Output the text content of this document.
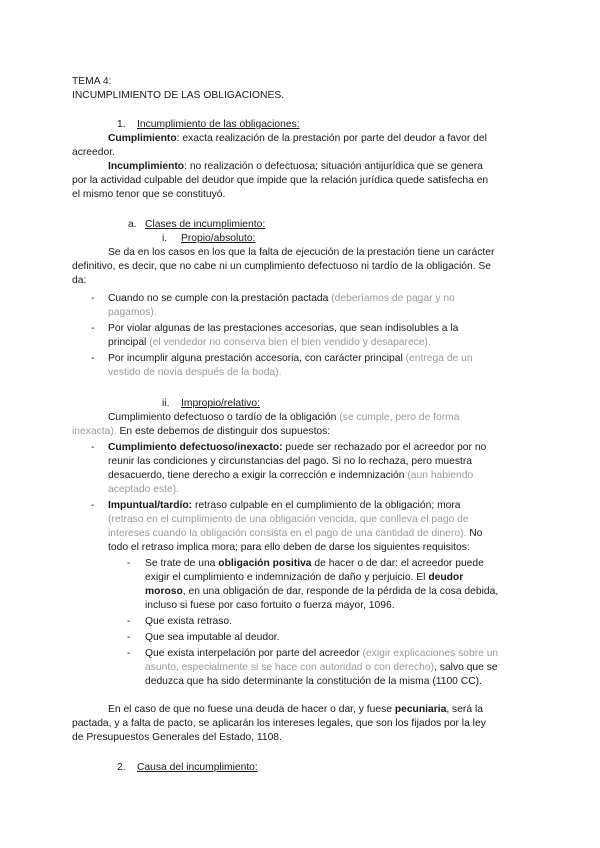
TEMA 4:
INCUMPLIMIENTO DE LAS OBLIGACIONES.
1. Incumplimiento de las obligaciones:
Cumplimiento: exacta realización de la prestación por parte del deudor a favor del
acreedor.
Incumplimiento: no realización o defectuosa; situación antijurídica que se genera
por la actividad culpable del deudor que impide que la relación jurídica quede satisfecha en
el mismo tenor que se constituyó.
a. Clases de incumplimiento:
i. Propio/absoluto:
Se da en los casos en los que la falta de ejecución de la prestación tiene un carácter
definitivo, es decir, que no cabe ni un cumplimiento defectuoso ni tardío de la obligación. Se
da:
- Cuando no se cumple con la prestación pactada (deberíamos de pagar y no
pagamos).
- Por violar algunas de las prestaciones accesorias, que sean indisolubles a la
principal (el vendedor no conserva bien el bien vendido y desaparece).
- Por incumplir alguna prestación accesoria, con carácter principal (entrega de un
vestido de novia después de la boda).
ii. Impropio/relativo:
Cumplimiento defectuoso o tardío de la obligación (se cumple, pero de forma
inexacta). En este debemos de distinguir dos supuestos:
- Cumplimiento defectuoso/inexacto: puede ser rechazado por el acreedor por no
reunir las condiciones y circunstancias del pago. Si no lo rechaza, pero muestra
desacuerdo, tiene derecho a exigir la corrección e indemnización (aun habiendo
aceptado este).
- Impuntual/tardío: retraso culpable en el cumplimiento de la obligación; mora
(retraso en el cumplimiento de una obligación vencida, que conlleva el pago de
intereses cuando la obligación consista en el pago de una cantidad de dinero). No
todo el retraso implica mora; para ello deben de darse los siguientes requisitos:
- Se trate de una obligación positiva de hacer o de dar: el acreedor puede
exigir el cumplimiento e indemnización de daño y perjuicio. El deudor
moroso, en una obligación de dar, responde de la pérdida de la cosa debida,
incluso si fuese por caso fortuito o fuerza mayor, 1096.
- Que exista retraso.
- Que sea imputable al deudor.
- Que exista interpelación por parte del acreedor (exigir explicaciones sobre un
asunto, especialmente si se hace con autoridad o con derecho), salvo que se
deduzca que ha sido determinante la constitución de la misma (1100 CC).
En el caso de que no fuese una deuda de hacer o dar, y fuese pecuniaria, será la
pactada, y a falta de pacto, se aplicarán los intereses legales, que son los fijados por la ley
de Presupuestos Generales del Estado, 1108.
2. Causa del incumplimiento:
